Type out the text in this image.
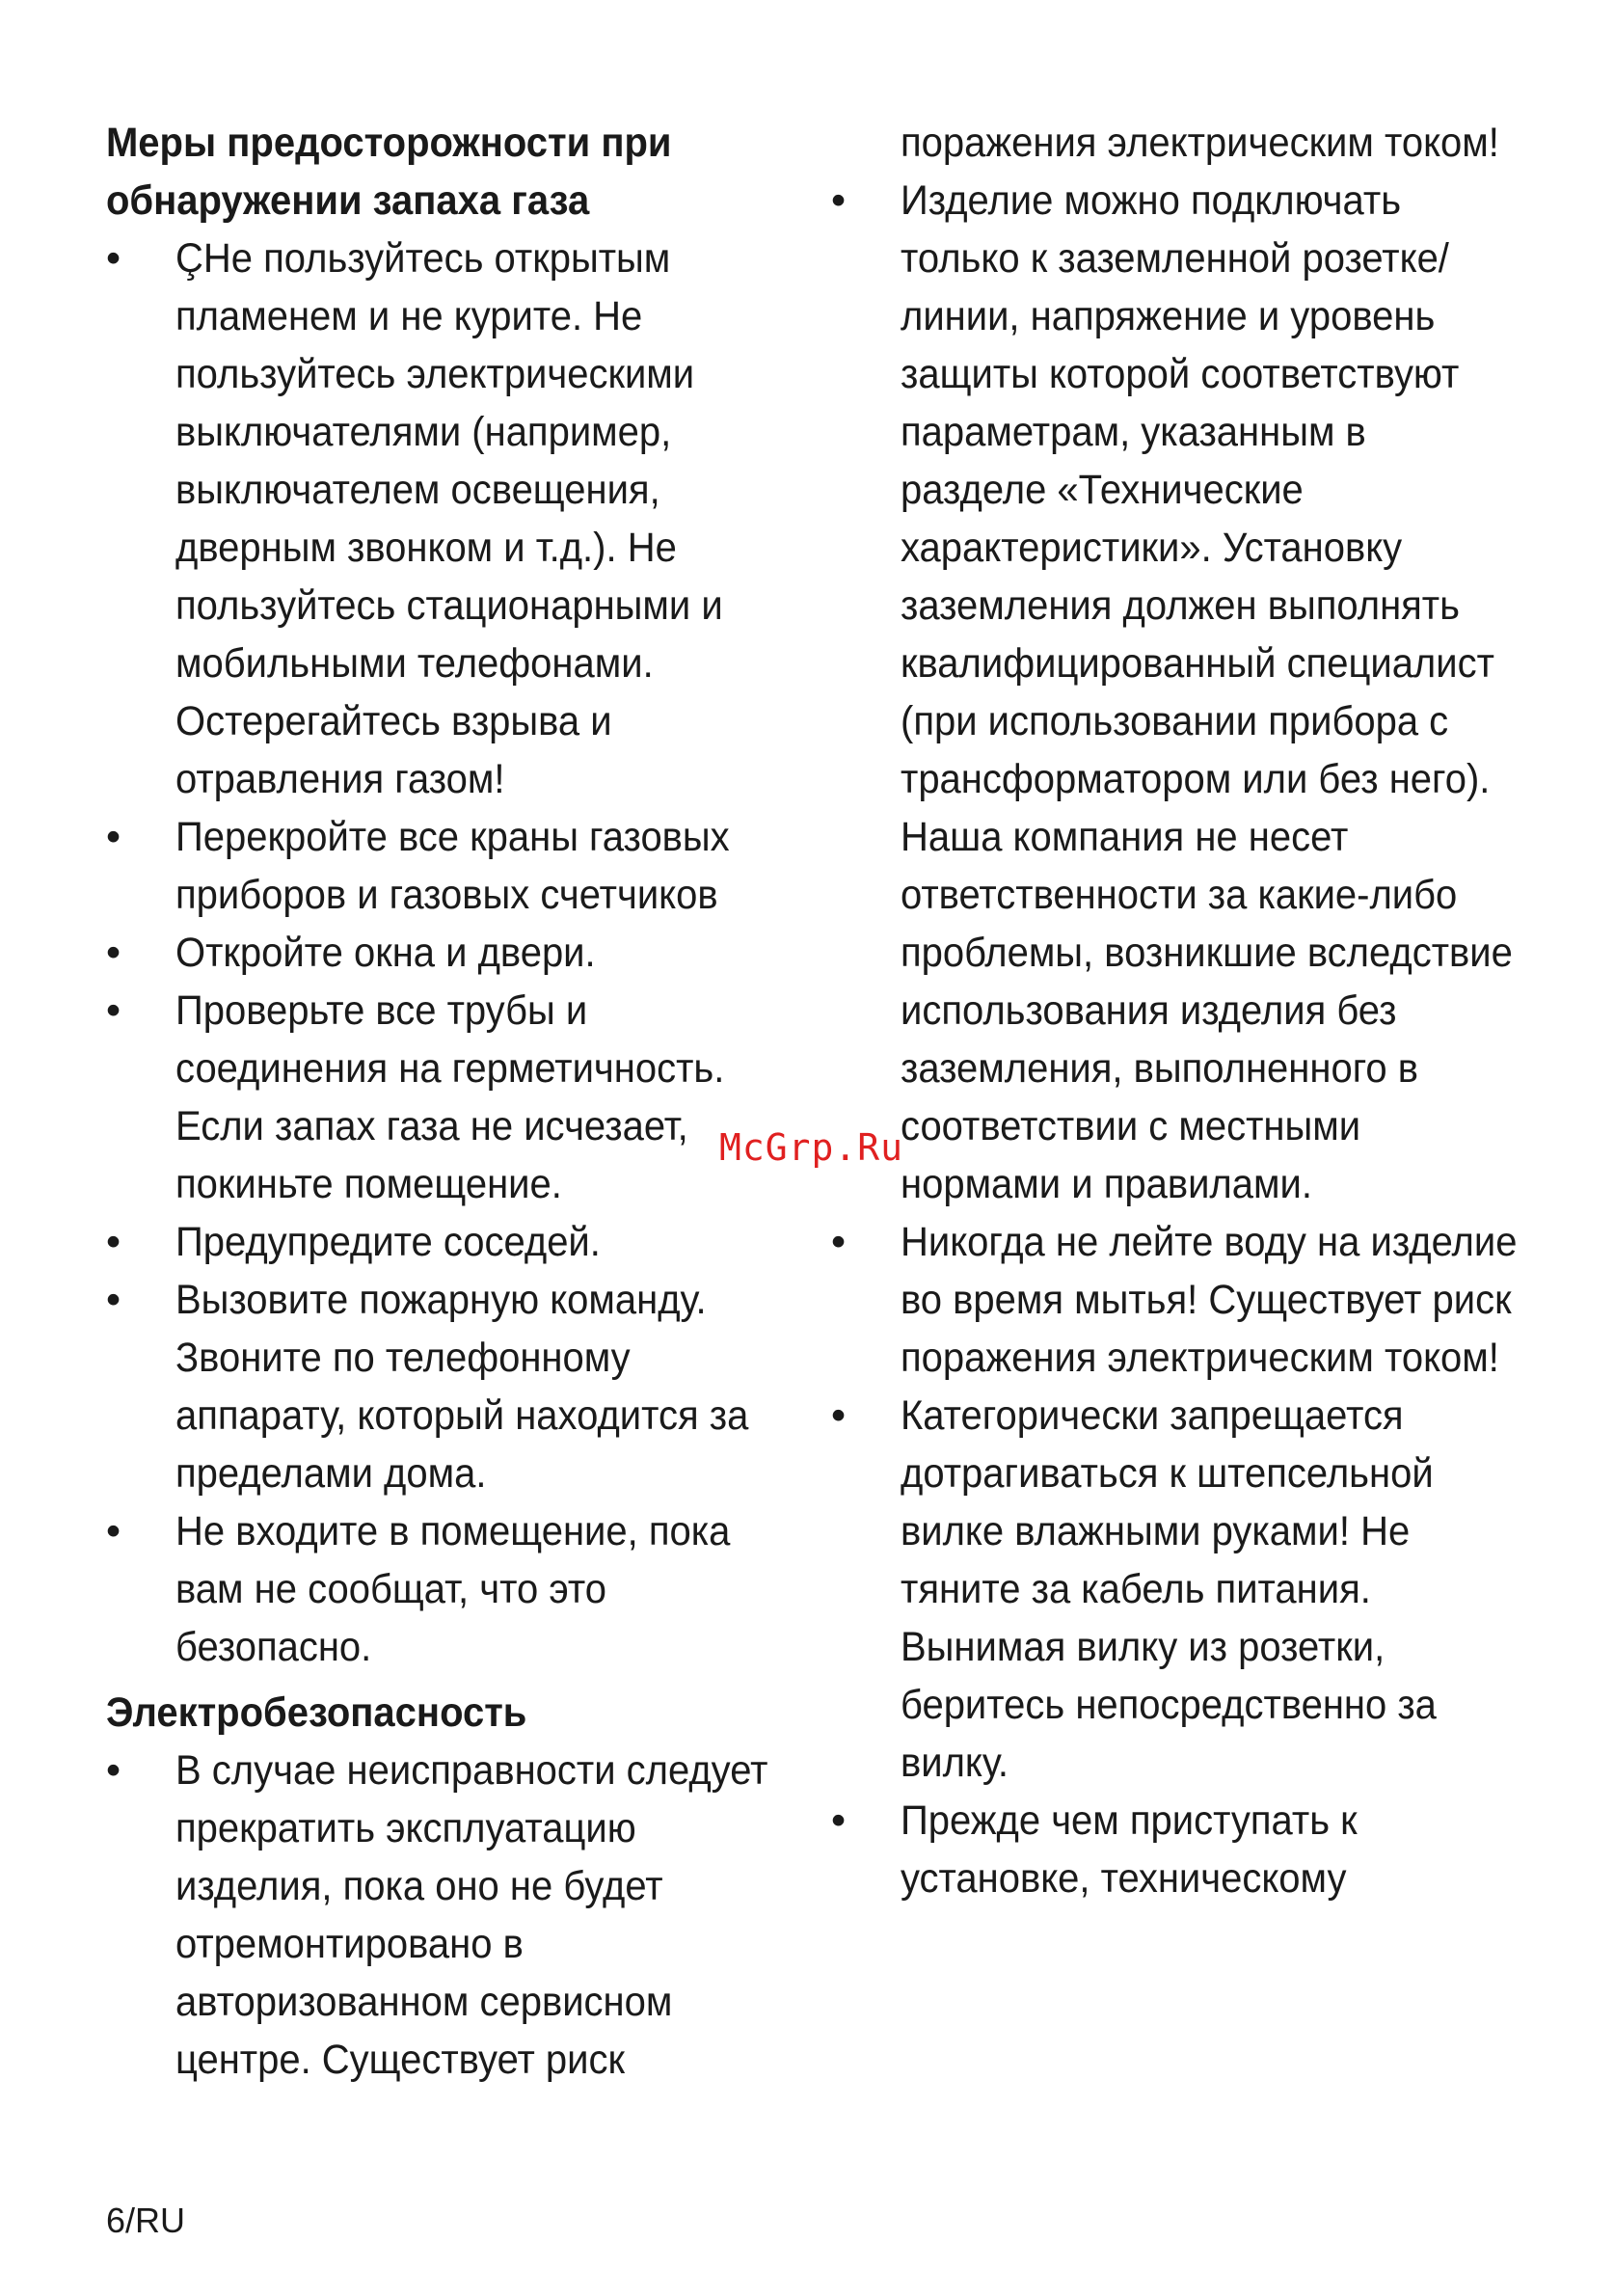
Меры предосторожности при обнаружении запаха газа
• ÇНе пользуйтесь открытым пламенем и не курите. Не пользуйтесь электрическими выключателями (например, выключателем освещения, дверным звонком и т.д.). Не пользуйтесь стационарными и мобильными телефонами. Остерегайтесь взрыва и отравления газом!
• Перекройте все краны газовых приборов и газовых счетчиков
• Откройте окна и двери.
• Проверьте все трубы и соединения на герметичность. Если запах газа не исчезает, покиньте помещение.
• Предупредите соседей.
• Вызовите пожарную команду. Звоните по телефонному аппарату, который находится за пределами дома.
• Не входите в помещение, пока вам не сообщат, что это безопасно.
Электробезопасность
• В случае неисправности следует прекратить эксплуатацию изделия, пока оно не будет отремонтировано в авторизованном сервисном центре. Существует риск
поражения электрическим током!
• Изделие можно подключать только к заземленной розетке/линии, напряжение и уровень защиты которой соответствуют параметрам, указанным в разделе «Технические характеристики». Установку заземления должен выполнять квалифицированный специалист (при использовании прибора с трансформатором или без него). Наша компания не несет ответственности за какие-либо проблемы, возникшие вследствие использования изделия без заземления, выполненного в соответствии с местными нормами и правилами.
• Никогда не лейте воду на изделие во время мытья! Существует риск поражения электрическим током!
• Категорически запрещается дотрагиваться к штепсельной вилке влажными руками! Не тяните за кабель питания. Вынимая вилку из розетки, беритесь непосредственно за вилку.
• Прежде чем приступать к установке, техническому
McGrp.Ru
6/RU
